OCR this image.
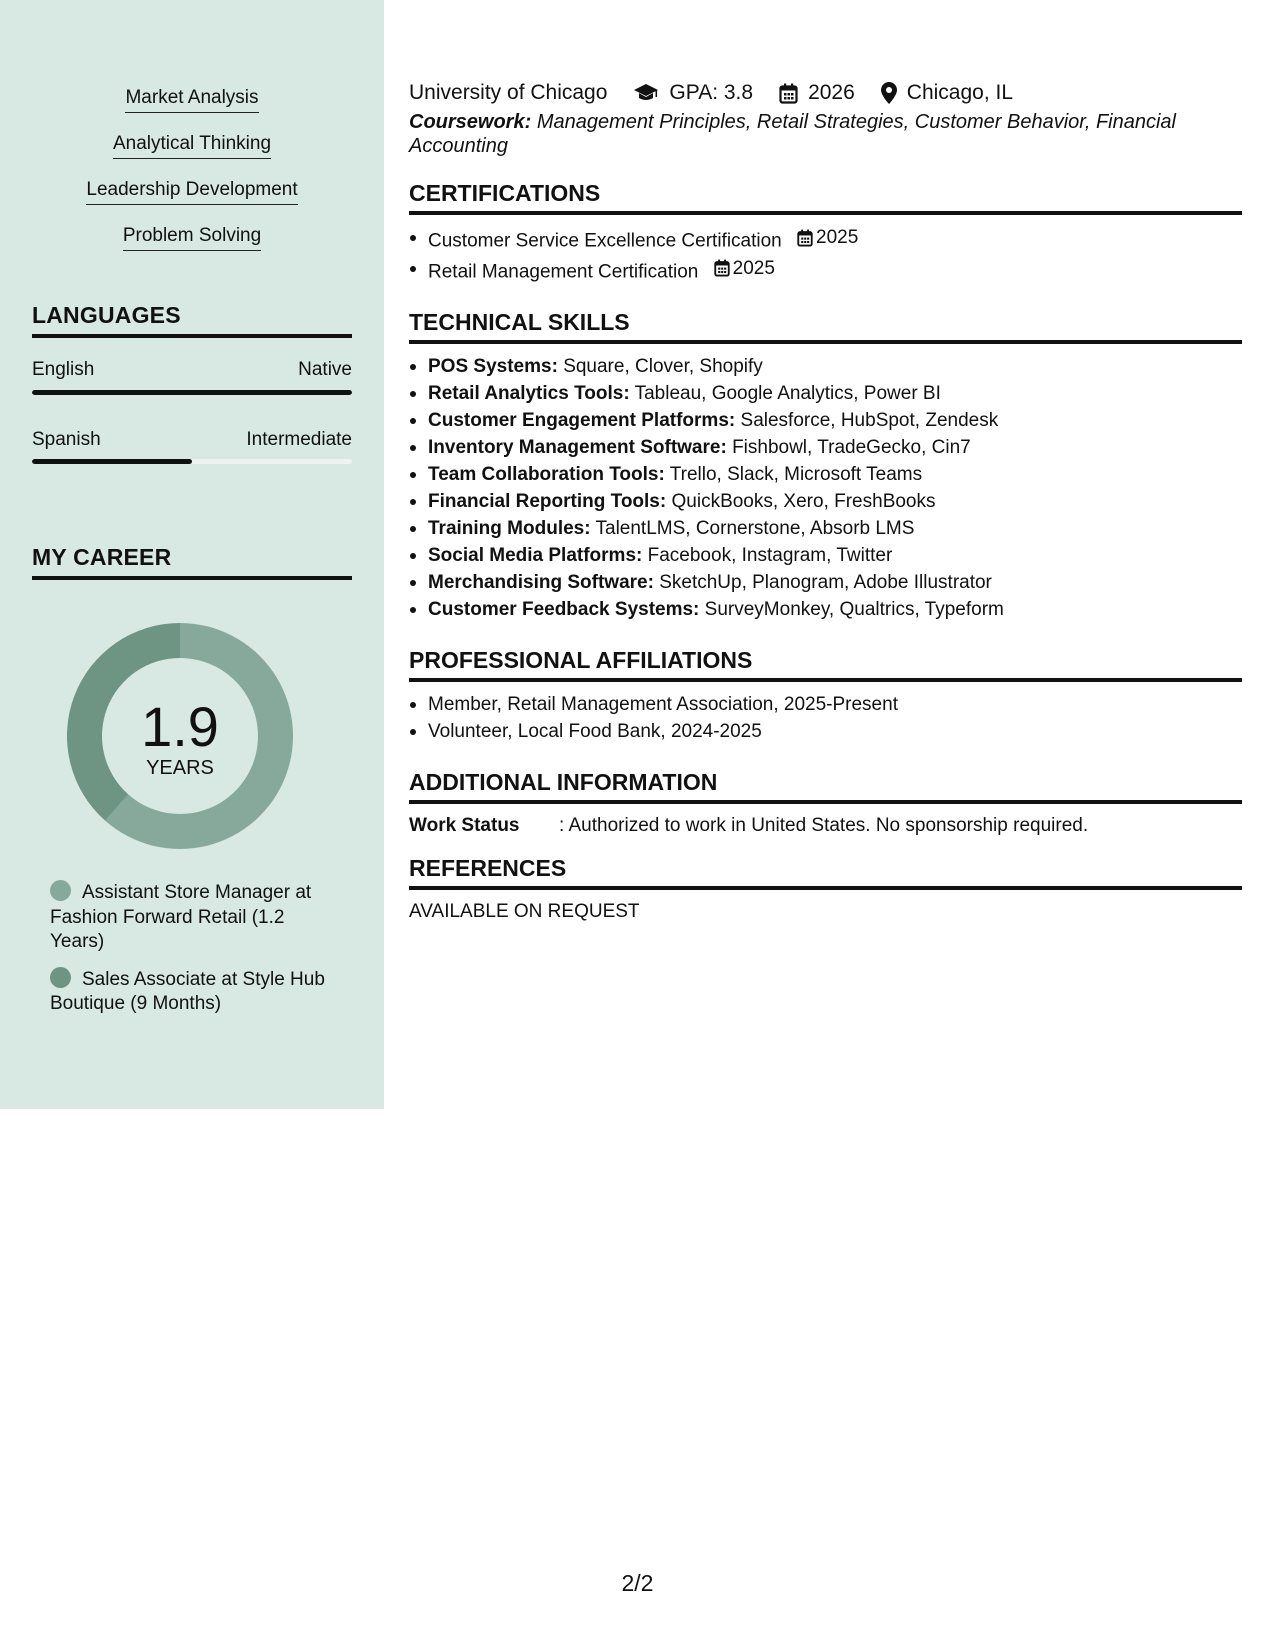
Market Analysis
Analytical Thinking
Leadership Development
Problem Solving
LANGUAGES
English	Native
Spanish	Intermediate
MY CAREER
1.9
YEARS
Assistant Store Manager at Fashion Forward Retail (1.2 Years)
Sales Associate at Style Hub Boutique (9 Months)
University of Chicago	GPA: 3.8	2026 Chicago, IL
Coursework: Management Principles, Retail Strategies, Customer Behavior, Financial Accounting
CERTIFICATIONS
Customer Service Excellence Certification 2025
Retail Management Certification 2025
TECHNICAL SKILLS
POS Systems: Square, Clover, Shopify
Retail Analytics Tools: Tableau, Google Analytics, Power BI
Customer Engagement Platforms: Salesforce, HubSpot, Zendesk
Inventory Management Software: Fishbowl, TradeGecko, Cin7
Team Collaboration Tools: Trello, Slack, Microsoft Teams
Financial Reporting Tools: QuickBooks, Xero, FreshBooks
Training Modules: TalentLMS, Cornerstone, Absorb LMS
Social Media Platforms: Facebook, Instagram, Twitter
Merchandising Software: SketchUp, Planogram, Adobe Illustrator
Customer Feedback Systems: SurveyMonkey, Qualtrics, Typeform
PROFESSIONAL AFFILIATIONS
Member, Retail Management Association, 2025-Present
Volunteer, Local Food Bank, 2024-2025
ADDITIONAL INFORMATION
Work Status	: Authorized to work in United States. No sponsorship required.
REFERENCES
AVAILABLE ON REQUEST
2/2
